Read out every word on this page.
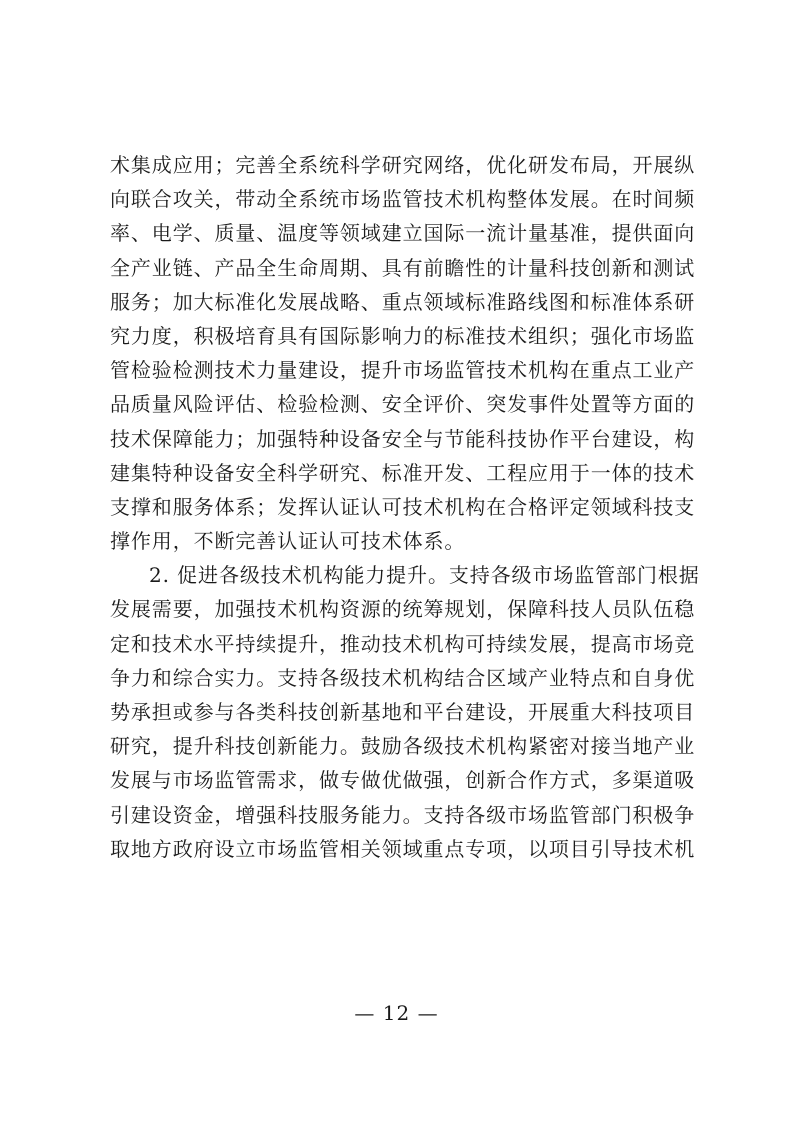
术集成应用；完善全系统科学研究网络，优化研发布局，开展纵
向联合攻关，带动全系统市场监管技术机构整体发展。在时间频
率、电学、质量、温度等领域建立国际一流计量基准，提供面向
全产业链、产品全生命周期、具有前瞻性的计量科技创新和测试
服务；加大标准化发展战略、重点领域标准路线图和标准体系研
究力度，积极培育具有国际影响力的标准技术组织；强化市场监
管检验检测技术力量建设，提升市场监管技术机构在重点工业产
品质量风险评估、检验检测、安全评价、突发事件处置等方面的
技术保障能力；加强特种设备安全与节能科技协作平台建设，构
建集特种设备安全科学研究、标准开发、工程应用于一体的技术
支撑和服务体系；发挥认证认可技术机构在合格评定领域科技支
撑作用，不断完善认证认可技术体系。
2. 促进各级技术机构能力提升。支持各级市场监管部门根据
发展需要，加强技术机构资源的统筹规划，保障科技人员队伍稳
定和技术水平持续提升，推动技术机构可持续发展，提高市场竞
争力和综合实力。支持各级技术机构结合区域产业特点和自身优
势承担或参与各类科技创新基地和平台建设，开展重大科技项目
研究，提升科技创新能力。鼓励各级技术机构紧密对接当地产业
发展与市场监管需求，做专做优做强，创新合作方式，多渠道吸
引建设资金，增强科技服务能力。支持各级市场监管部门积极争
取地方政府设立市场监管相关领域重点专项，以项目引导技术机
— 12 —
